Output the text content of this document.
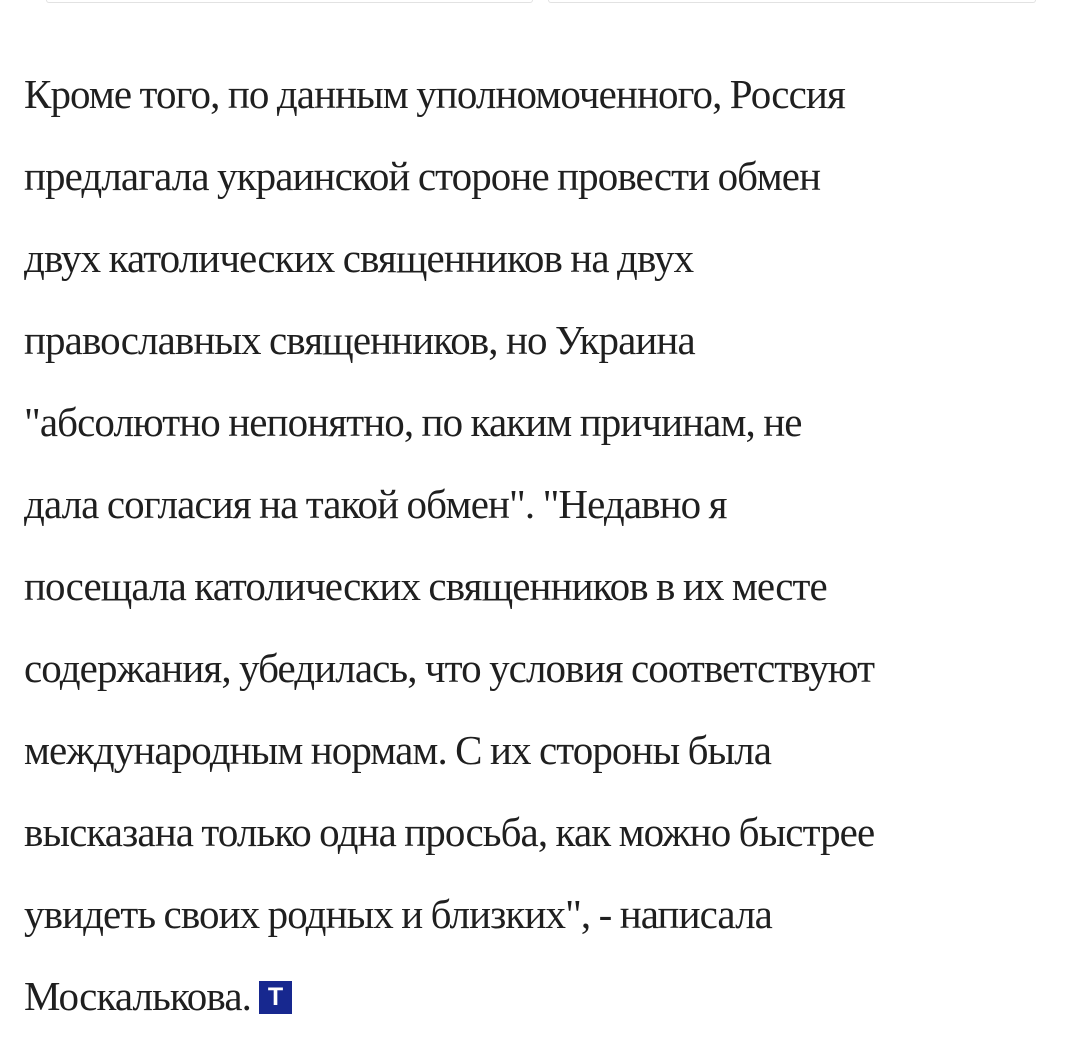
Кроме того, по данным уполномоченного, Россия
предлагала украинской стороне провести обмен
двух католических священников на двух
православных священников, но Украина
"абсолютно непонятно, по каким причинам, не
дала согласия на такой обмен". "Недавно я
посещала католических священников в их месте
содержания, убедилась, что условия соответствуют
международным нормам. С их стороны была
высказана только одна просьба, как можно быстрее
увидеть своих родных и близких", - написала
Москалькова. Т
